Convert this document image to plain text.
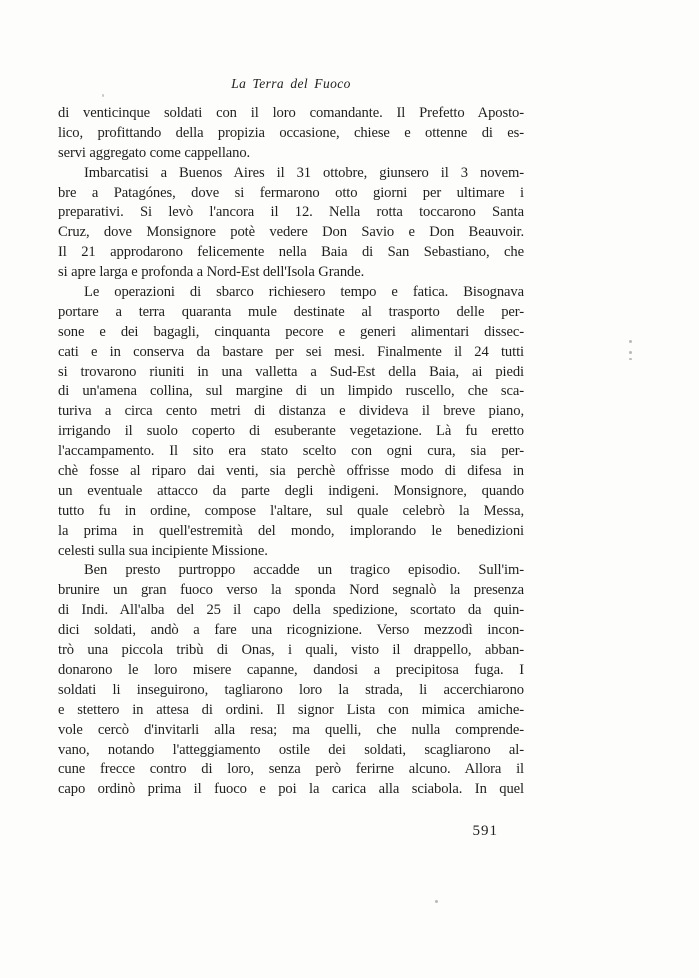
La Terra del Fuoco
di venticinque soldati con il loro comandante. Il Prefetto Aposto-
lico, profittando della propizia occasione, chiese e ottenne di es-
servi aggregato come cappellano.
Imbarcatisi a Buenos Aires il 31 ottobre, giunsero il 3 novem-
bre a Patagónes, dove si fermarono otto giorni per ultimare i
preparativi. Si levò l'ancora il 12. Nella rotta toccarono Santa
Cruz, dove Monsignore potè vedere Don Savio e Don Beauvoir.
Il 21 approdarono felicemente nella Baia di San Sebastiano, che
si apre larga e profonda a Nord-Est dell'Isola Grande.
Le operazioni di sbarco richiesero tempo e fatica. Bisognava
portare a terra quaranta mule destinate al trasporto delle per-
sone e dei bagagli, cinquanta pecore e generi alimentari dissec-
cati e in conserva da bastare per sei mesi. Finalmente il 24 tutti
si trovarono riuniti in una valletta a Sud-Est della Baia, ai piedi
di un'amena collina, sul margine di un limpido ruscello, che sca-
turiva a circa cento metri di distanza e divideva il breve piano,
irrigando il suolo coperto di esuberante vegetazione. Là fu eretto
l'accampamento. Il sito era stato scelto con ogni cura, sia per-
chè fosse al riparo dai venti, sia perchè offrisse modo di difesa in
un eventuale attacco da parte degli indigeni. Monsignore, quando
tutto fu in ordine, compose l'altare, sul quale celebrò la Messa,
la prima in quell'estremità del mondo, implorando le benedizioni
celesti sulla sua incipiente Missione.
Ben presto purtroppo accadde un tragico episodio. Sull'im-
brunire un gran fuoco verso la sponda Nord segnalò la presenza
di Indi. All'alba del 25 il capo della spedizione, scortato da quin-
dici soldati, andò a fare una ricognizione. Verso mezzodì incon-
trò una piccola tribù di Onas, i quali, visto il drappello, abban-
donarono le loro misere capanne, dandosi a precipitosa fuga. I
soldati li inseguirono, tagliarono loro la strada, li accerchiarono
e stettero in attesa di ordini. Il signor Lista con mimica amiche-
vole cercò d'invitarli alla resa; ma quelli, che nulla comprende-
vano, notando l'atteggiamento ostile dei soldati, scagliarono al-
cune frecce contro di loro, senza però ferirne alcuno. Allora il
capo ordinò prima il fuoco e poi la carica alla sciabola. In quel
591
